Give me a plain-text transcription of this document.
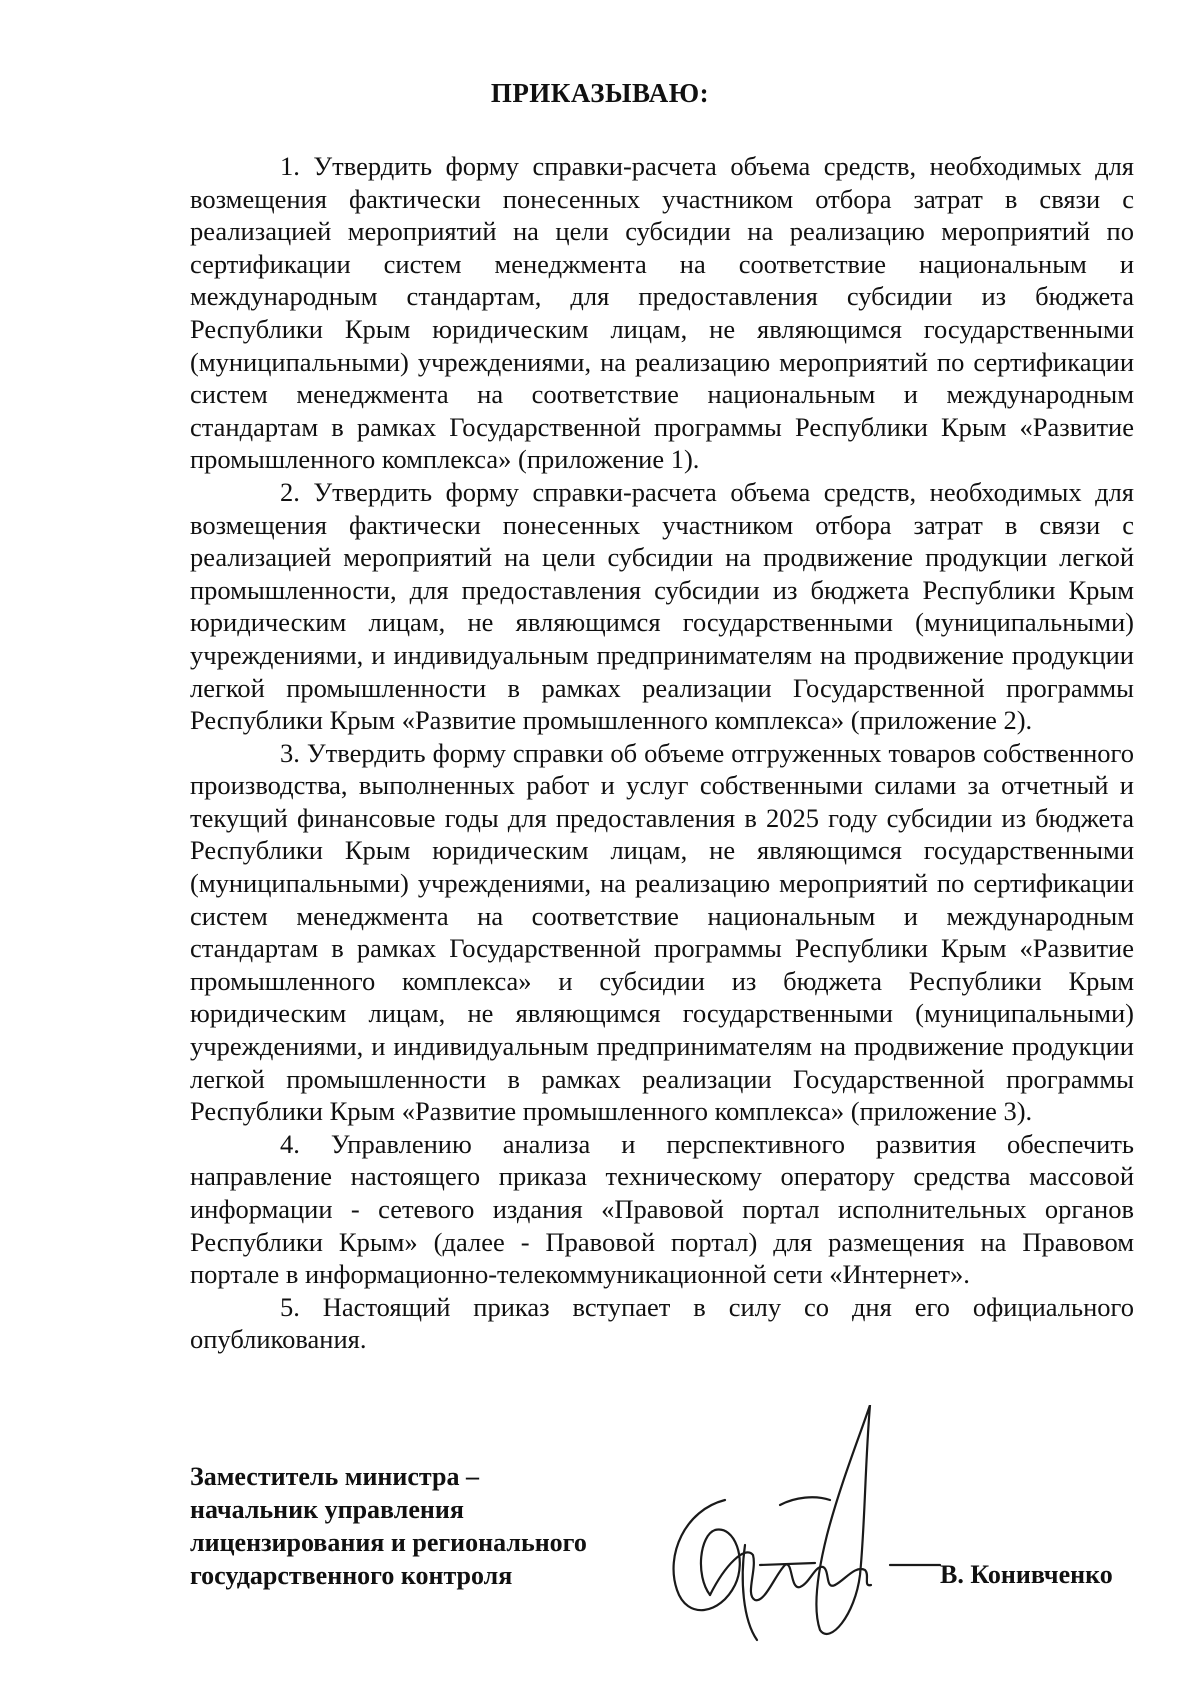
ПРИКАЗЫВАЮ:

1. Утвердить форму справки-расчета объема средств, необходимых для возмещения фактически понесенных участником отбора затрат в связи с реализацией мероприятий на цели субсидии на реализацию мероприятий по сертификации систем менеджмента на соответствие национальным и международным стандартам, для предоставления субсидии из бюджета Республики Крым юридическим лицам, не являющимся государственными (муниципальными) учреждениями, на реализацию мероприятий по сертификации систем менеджмента на соответствие национальным и международным стандартам в рамках Государственной программы Республики Крым «Развитие промышленного комплекса» (приложение 1).

2. Утвердить форму справки-расчета объема средств, необходимых для возмещения фактически понесенных участником отбора затрат в связи с реализацией мероприятий на цели субсидии на продвижение продукции легкой промышленности, для предоставления субсидии из бюджета Республики Крым юридическим лицам, не являющимся государственными (муниципальными) учреждениями, и индивидуальным предпринимателям на продвижение продукции легкой промышленности в рамках реализации Государственной программы Республики Крым «Развитие промышленного комплекса» (приложение 2).

3. Утвердить форму справки об объеме отгруженных товаров собственного производства, выполненных работ и услуг собственными силами за отчетный и текущий финансовые годы для предоставления в 2025 году субсидии из бюджета Республики Крым юридическим лицам, не являющимся государственными (муниципальными) учреждениями, на реализацию мероприятий по сертификации систем менеджмента на соответствие национальным и международным стандартам в рамках Государственной программы Республики Крым «Развитие промышленного комплекса» и субсидии из бюджета Республики Крым юридическим лицам, не являющимся государственными (муниципальными) учреждениями, и индивидуальным предпринимателям на продвижение продукции легкой промышленности в рамках реализации Государственной программы Республики Крым «Развитие промышленного комплекса» (приложение 3).

4. Управлению анализа и перспективного развития обеспечить направление настоящего приказа техническому оператору средства массовой информации - сетевого издания «Правовой портал исполнительных органов Республики Крым» (далее - Правовой портал) для размещения на Правовом портале в информационно-телекоммуникационной сети «Интернет».

5. Настоящий приказ вступает в силу со дня его официального опубликования.

Заместитель министра –
начальник управления
лицензирования и регионального
государственного контроля	В. Конивченко
